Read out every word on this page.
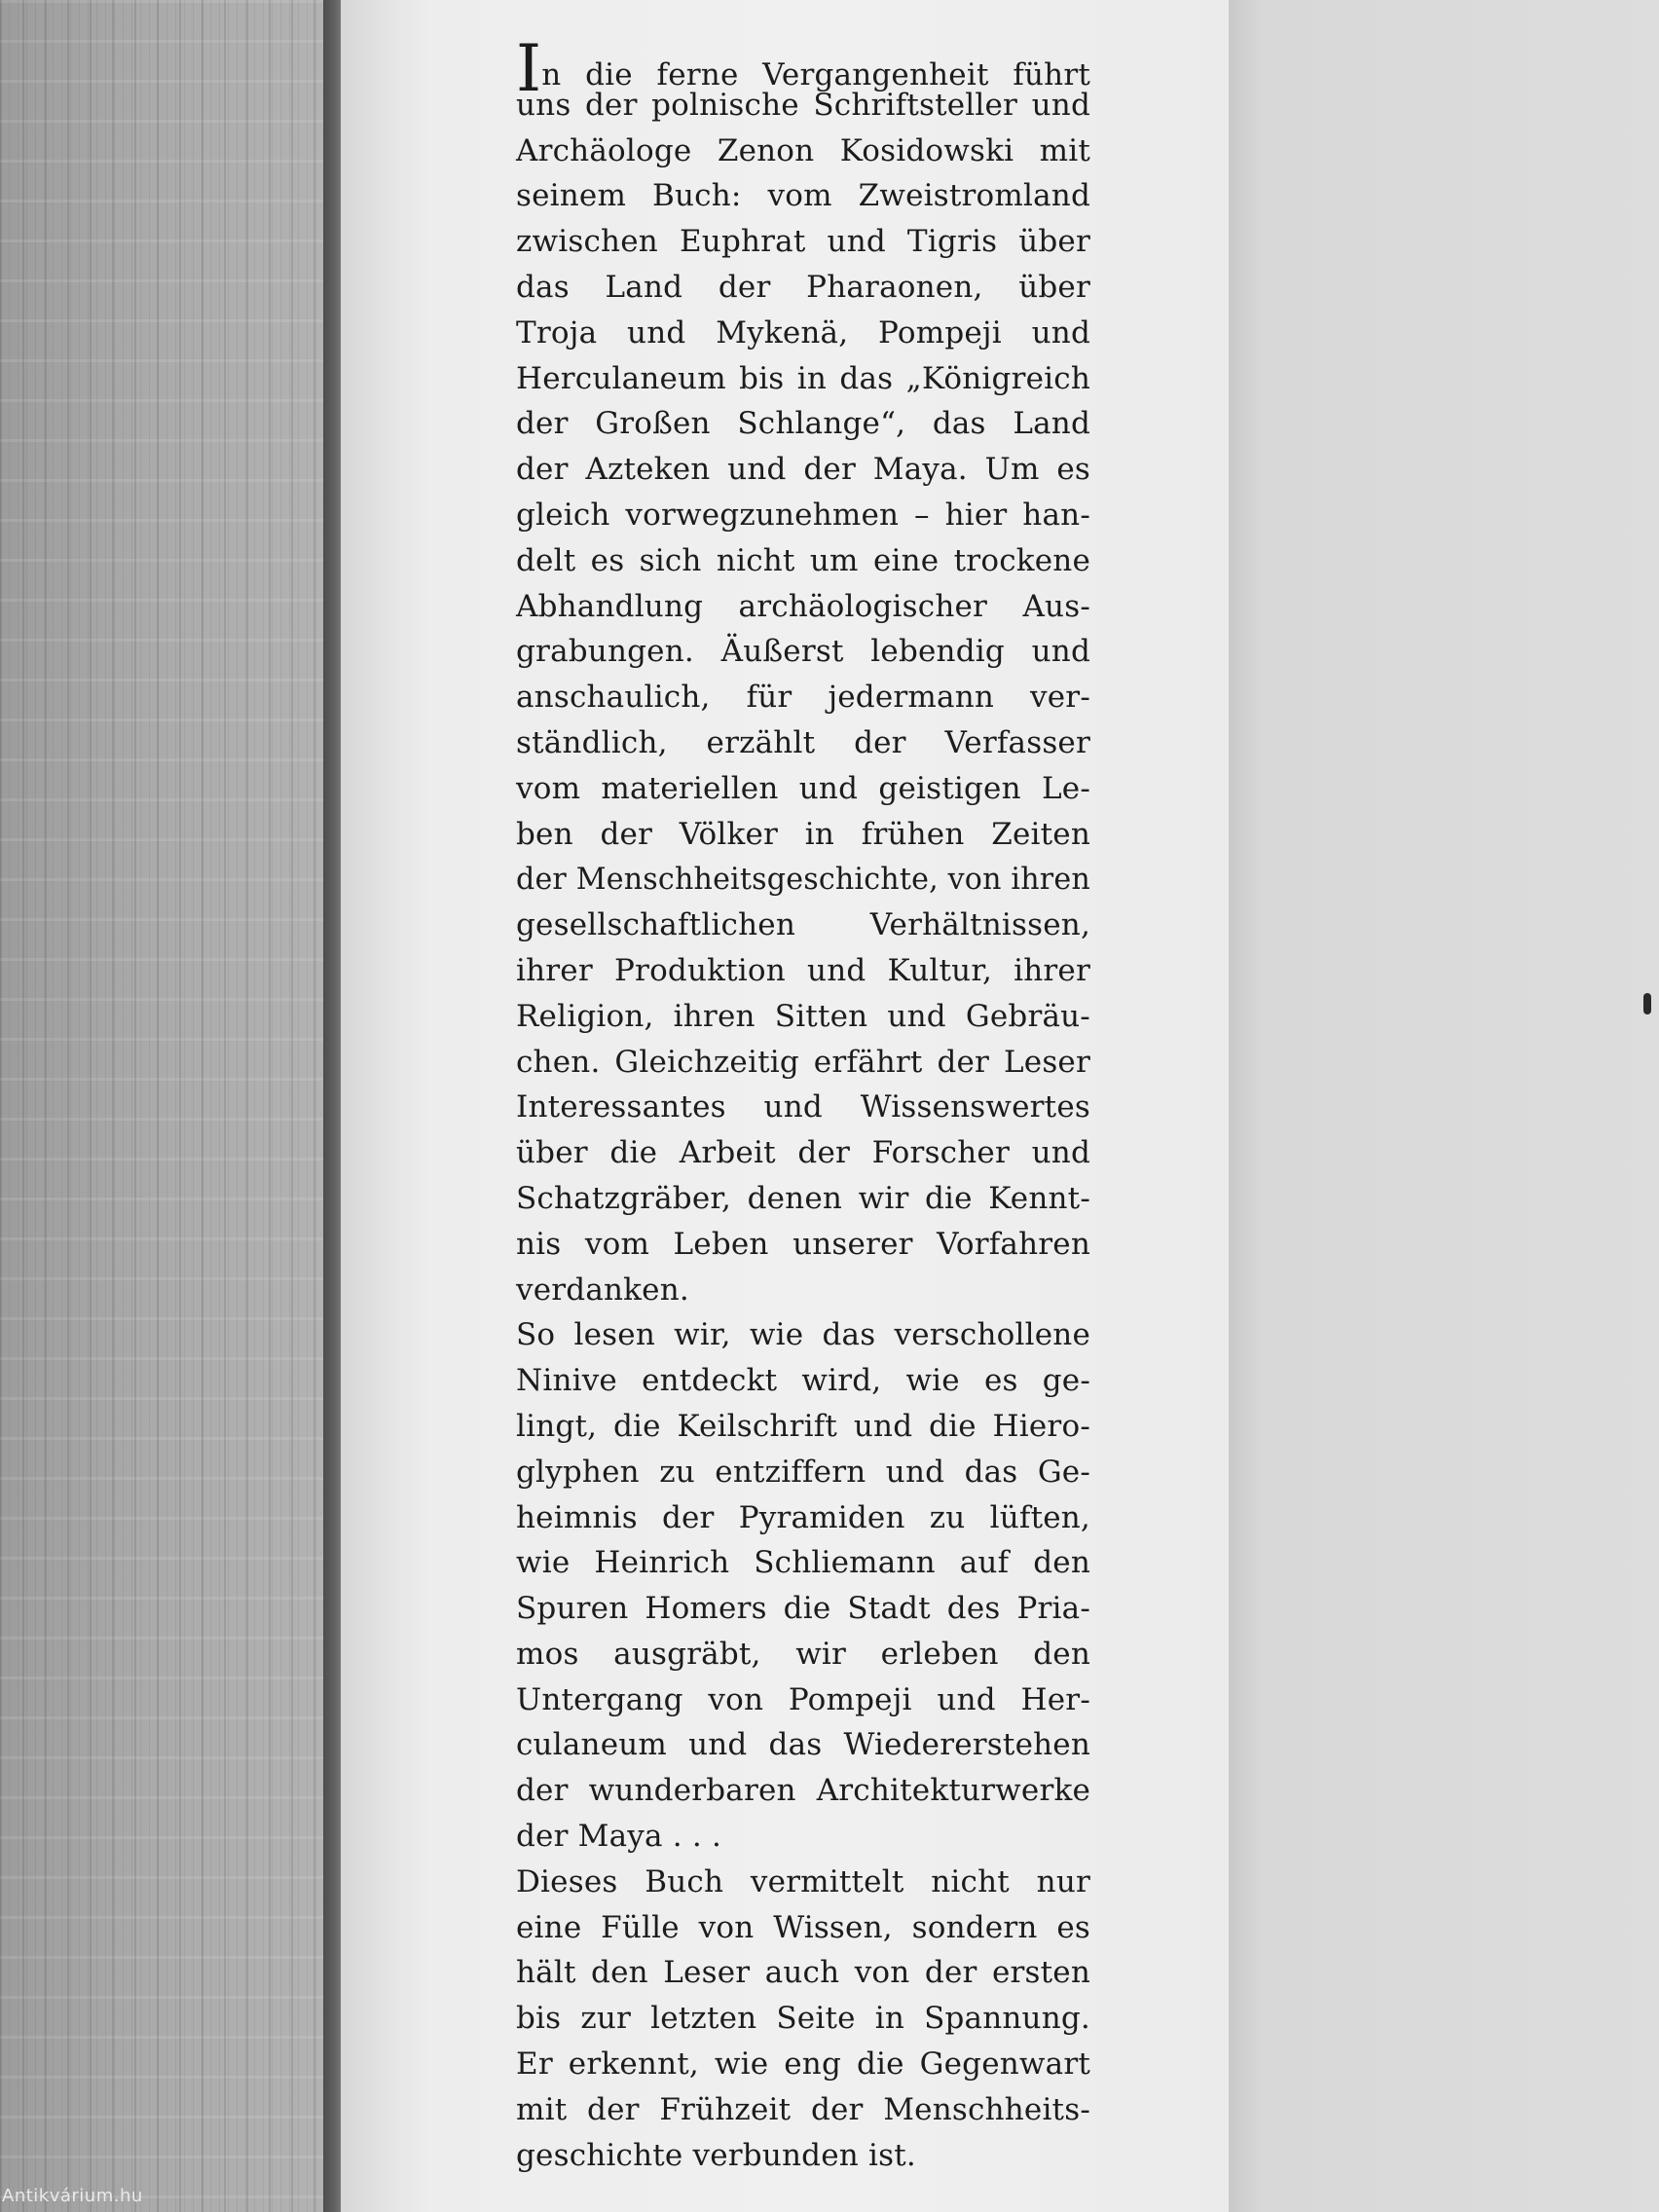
In die ferne Vergangenheit führt
uns der polnische Schriftsteller und
Archäologe Zenon Kosidowski mit
seinem Buch: vom Zweistromland
zwischen Euphrat und Tigris über
das Land der Pharaonen, über
Troja und Mykenä, Pompeji und
Herculaneum bis in das „Königreich
der Großen Schlange“, das Land
der Azteken und der Maya. Um es
gleich vorwegzunehmen – hier han-
delt es sich nicht um eine trockene
Abhandlung archäologischer Aus-
grabungen. Äußerst lebendig und
anschaulich, für jedermann ver-
ständlich, erzählt der Verfasser
vom materiellen und geistigen Le-
ben der Völker in frühen Zeiten
der Menschheitsgeschichte, von ihren
gesellschaftlichen Verhältnissen,
ihrer Produktion und Kultur, ihrer
Religion, ihren Sitten und Gebräu-
chen. Gleichzeitig erfährt der Leser
Interessantes und Wissenswertes
über die Arbeit der Forscher und
Schatzgräber, denen wir die Kennt-
nis vom Leben unserer Vorfahren
verdanken.
So lesen wir, wie das verschollene
Ninive entdeckt wird, wie es ge-
lingt, die Keilschrift und die Hiero-
glyphen zu entziffern und das Ge-
heimnis der Pyramiden zu lüften,
wie Heinrich Schliemann auf den
Spuren Homers die Stadt des Pria-
mos ausgräbt, wir erleben den
Untergang von Pompeji und Her-
culaneum und das Wiedererstehen
der wunderbaren Architekturwerke
der Maya . . .
Dieses Buch vermittelt nicht nur
eine Fülle von Wissen, sondern es
hält den Leser auch von der ersten
bis zur letzten Seite in Spannung.
Er erkennt, wie eng die Gegenwart
mit der Frühzeit der Menschheits-
geschichte verbunden ist.
Antikvárium.hu
